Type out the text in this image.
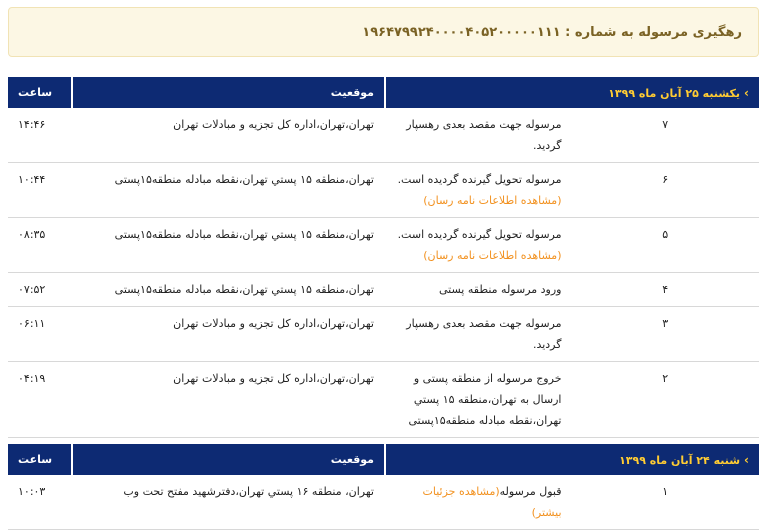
رهگیری مرسوله به شماره : ۱۹۶۴۷۹۹۲۴۰۰۰۰۴۰۵۲۰۰۰۰۰۱۱۱
›یکشنبه ۲۵ آبان ماه ۱۳۹۹		موقعیت	ساعت
۷	مرسوله جهت مقصد بعدی رهسپار گردید.	تهران،تهران،اداره کل تجزیه و مبادلات تهران	۱۴:۴۶
۶	مرسوله تحویل گیرنده گردیده است.(مشاهده اطلاعات نامه رسان)	تهران،منطقه ۱۵ پستي تهران،نقطه مبادله منطقه۱۵پستی	۱۰:۴۴
۵	مرسوله تحویل گیرنده گردیده است.(مشاهده اطلاعات نامه رسان)	تهران،منطقه ۱۵ پستي تهران،نقطه مبادله منطقه۱۵پستی	۰۸:۳۵
۴	ورود مرسوله منطقه پستی	تهران،منطقه ۱۵ پستي تهران،نقطه مبادله منطقه۱۵پستی	۰۷:۵۲
۳	مرسوله جهت مقصد بعدی رهسپار گردید.	تهران،تهران،اداره کل تجزیه و مبادلات تهران	۰۶:۱۱
۲	خروج مرسوله از منطقه پستی و ارسال به تهران،منطقه ۱۵ پستي تهران،نقطه مبادله منطقه۱۵پستی	تهران،تهران،اداره کل تجزیه و مبادلات تهران	۰۴:۱۹

›شنبه ۲۴ آبان ماه ۱۳۹۹		موقعیت	ساعت
۱	قبول مرسوله(مشاهده جزئيات بيشتر)	تهران، منطقه ۱۶ پستي تهران،دفترشهيد مفتح تحت وب	۱۰:۰۳
